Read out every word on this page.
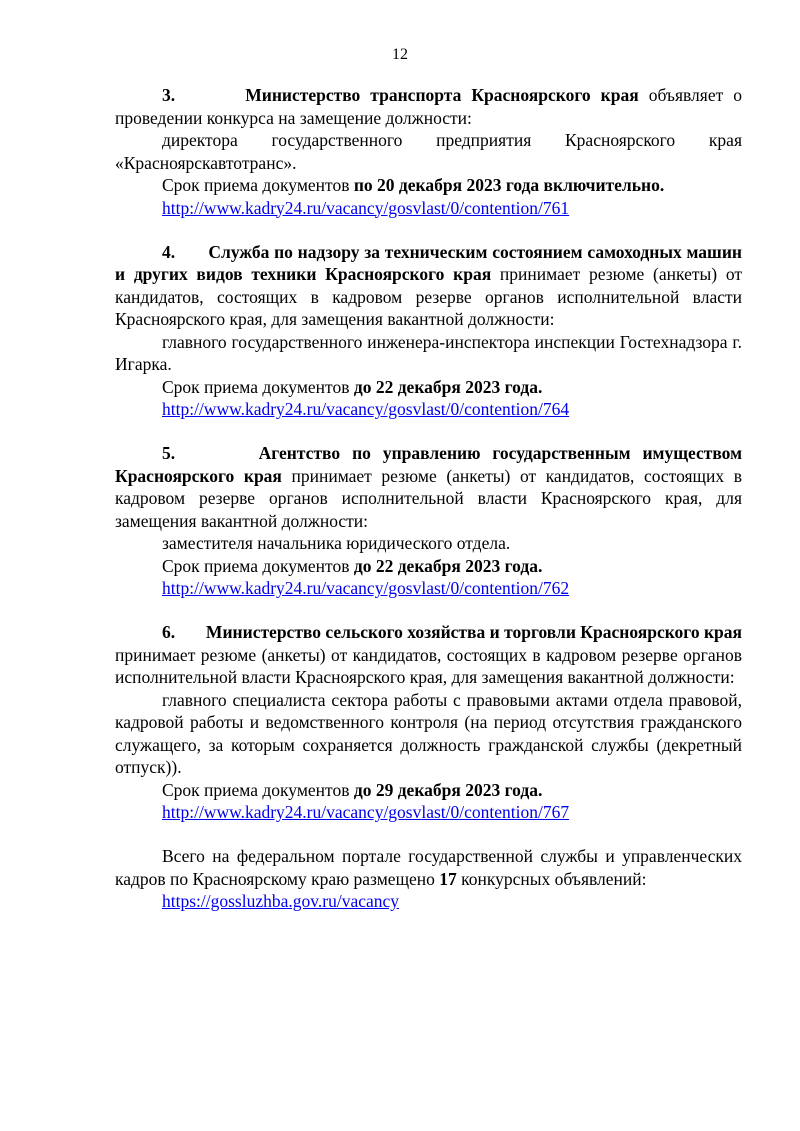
12

3.	Министерство транспорта Красноярского края объявляет о проведении конкурса на замещение должности:

директора государственного предприятия Красноярского края «Красноярскавтотранс».

Срок приема документов по 20 декабря 2023 года включительно.

http://www.kadry24.ru/vacancy/gosvlast/0/contention/761

4. Служба по надзору за техническим состоянием самоходных машин и других видов техники Красноярского края принимает резюме (анкеты) от кандидатов, состоящих в кадровом резерве органов исполнительной власти Красноярского края, для замещения вакантной должности:

главного государственного инженера-инспектора инспекции Гостехнадзора г. Игарка.

Срок приема документов до 22 декабря 2023 года.

http://www.kadry24.ru/vacancy/gosvlast/0/contention/764

5.	Агентство по управлению государственным имуществом Красноярского края принимает резюме (анкеты) от кандидатов, состоящих в кадровом резерве органов исполнительной власти Красноярского края, для замещения вакантной должности:

заместителя начальника юридического отдела.

Срок приема документов до 22 декабря 2023 года.

http://www.kadry24.ru/vacancy/gosvlast/0/contention/762

6. Министерство сельского хозяйства и торговли Красноярского края принимает резюме (анкеты) от кандидатов, состоящих в кадровом резерве органов исполнительной власти Красноярского края, для замещения вакантной должности:

главного специалиста сектора работы с правовыми актами отдела правовой, кадровой работы и ведомственного контроля (на период отсутствия гражданского служащего, за которым сохраняется должность гражданской службы (декретный отпуск)).

Срок приема документов до 29 декабря 2023 года.

http://www.kadry24.ru/vacancy/gosvlast/0/contention/767

Всего на федеральном портале государственной службы и управленческих кадров по Красноярскому краю размещено 17 конкурсных объявлений:

https://gossluzhba.gov.ru/vacancy
